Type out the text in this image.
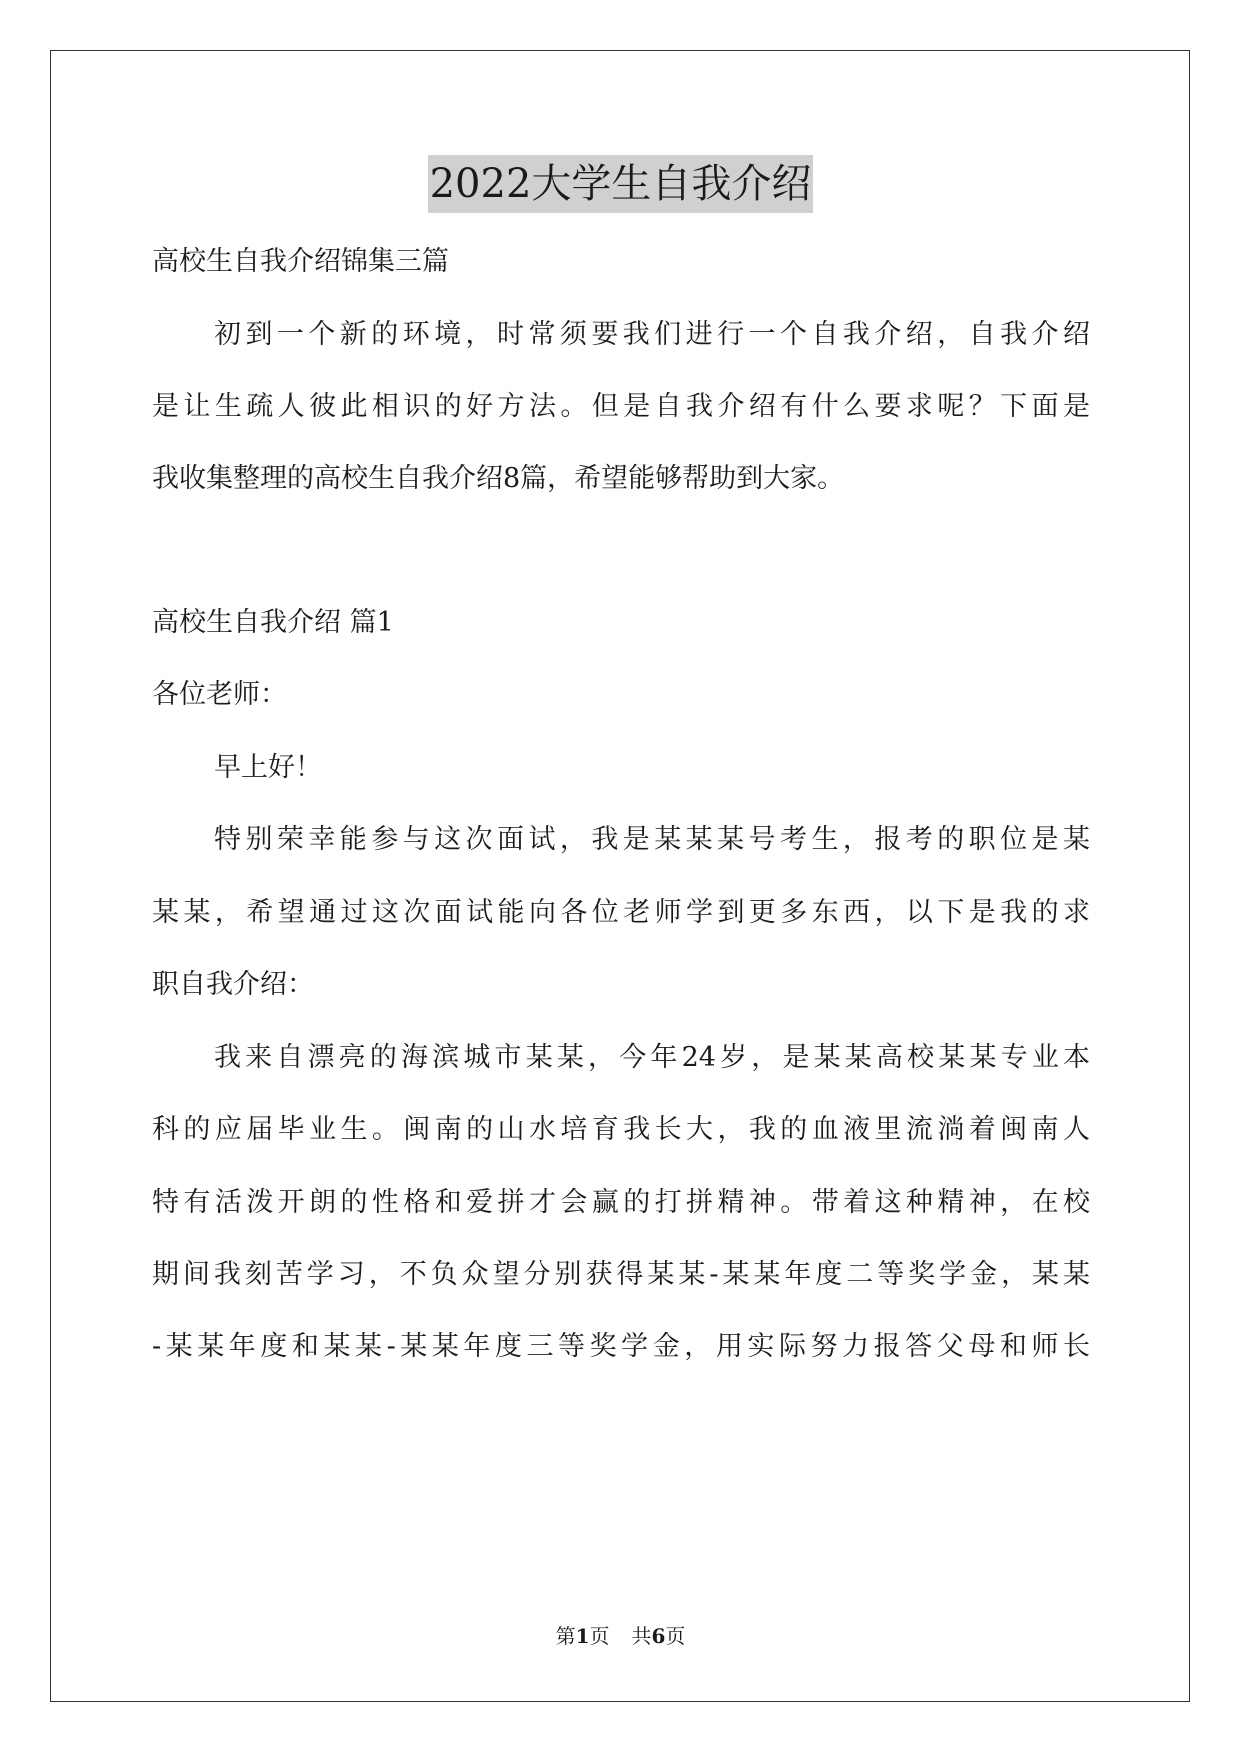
2022大学生自我介绍

高校生自我介绍锦集三篇

初到一个新的环境，时常须要我们进行一个自我介绍，自我介绍

是让生疏人彼此相识的好方法。但是自我介绍有什么要求呢？下面是

我收集整理的高校生自我介绍8篇，希望能够帮助到大家。

高校生自我介绍 篇1

各位老师：

早上好！

特别荣幸能参与这次面试，我是某某某号考生，报考的职位是某

某某，希望通过这次面试能向各位老师学到更多东西，以下是我的求

职自我介绍：

我来自漂亮的海滨城市某某，今年24岁，是某某高校某某专业本

科的应届毕业生。闽南的山水培育我长大，我的血液里流淌着闽南人

特有活泼开朗的性格和爱拼才会赢的打拼精神。带着这种精神，在校

期间我刻苦学习，不负众望分别获得某某-某某年度二等奖学金，某某

-某某年度和某某-某某年度三等奖学金，用实际努力报答父母和师长

第1页 共6页
